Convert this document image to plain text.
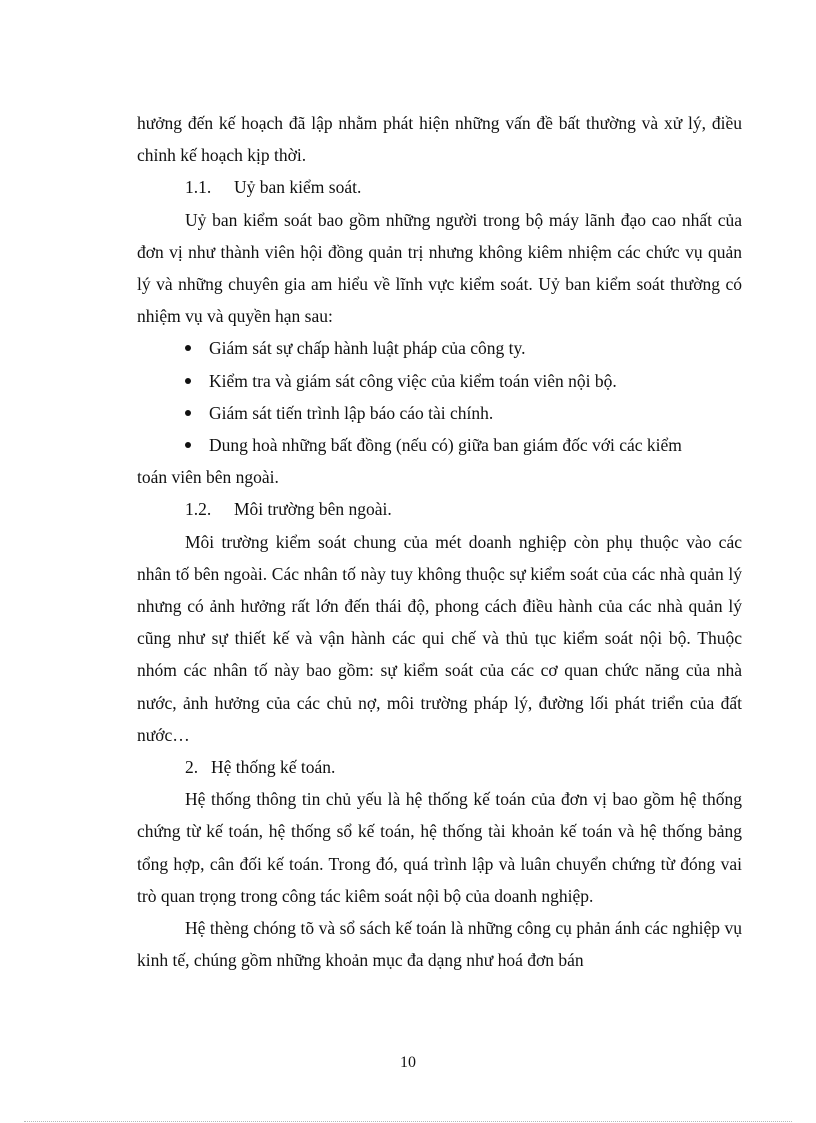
hưởng đến kế hoạch đã lập nhằm phát hiện những vấn đề bất thường và xử lý, điều chỉnh kế hoạch kịp thời.

1.1. Uỷ ban kiểm soát.

Uỷ ban kiểm soát bao gồm những người trong bộ máy lãnh đạo cao nhất của đơn vị như thành viên hội đồng quản trị nhưng không kiêm nhiệm các chức vụ quản lý và những chuyên gia am hiểu về lĩnh vực kiểm soát. Uỷ ban kiểm soát thường có nhiệm vụ và quyền hạn sau:

Giám sát sự chấp hành luật pháp của công ty.
Kiểm tra và giám sát công việc của kiểm toán viên nội bộ.
Giám sát tiến trình lập báo cáo tài chính.
Dung hoà những bất đồng (nếu có) giữa ban giám đốc với các kiểm
toán viên bên ngoài.

1.2. Môi trường bên ngoài.

Môi trường kiểm soát chung của mét doanh nghiệp còn phụ thuộc vào các nhân tố bên ngoài. Các nhân tố này tuy không thuộc sự kiểm soát của các nhà quản lý nhưng có ảnh hưởng rất lớn đến thái độ, phong cách điều hành của các nhà quản lý cũng như sự thiết kế và vận hành các qui chế và thủ tục kiểm soát nội bộ. Thuộc nhóm các nhân tố này bao gồm: sự kiểm soát của các cơ quan chức năng của nhà nước, ảnh hưởng của các chủ nợ, môi trường pháp lý, đường lối phát triển của đất nước…

2. Hệ thống kế toán.

Hệ thống thông tin chủ yếu là hệ thống kế toán của đơn vị bao gồm hệ thống chứng từ kế toán, hệ thống sổ kế toán, hệ thống tài khoản kế toán và hệ thống bảng tổng hợp, cân đối kế toán. Trong đó, quá trình lập và luân chuyển chứng từ đóng vai trò quan trọng trong công tác kiêm soát nội bộ của doanh nghiệp.

Hệ thèng chóng tõ và sổ sách kế toán là những công cụ phản ánh các nghiệp vụ kinh tế, chúng gồm những khoản mục đa dạng như hoá đơn bán

10
